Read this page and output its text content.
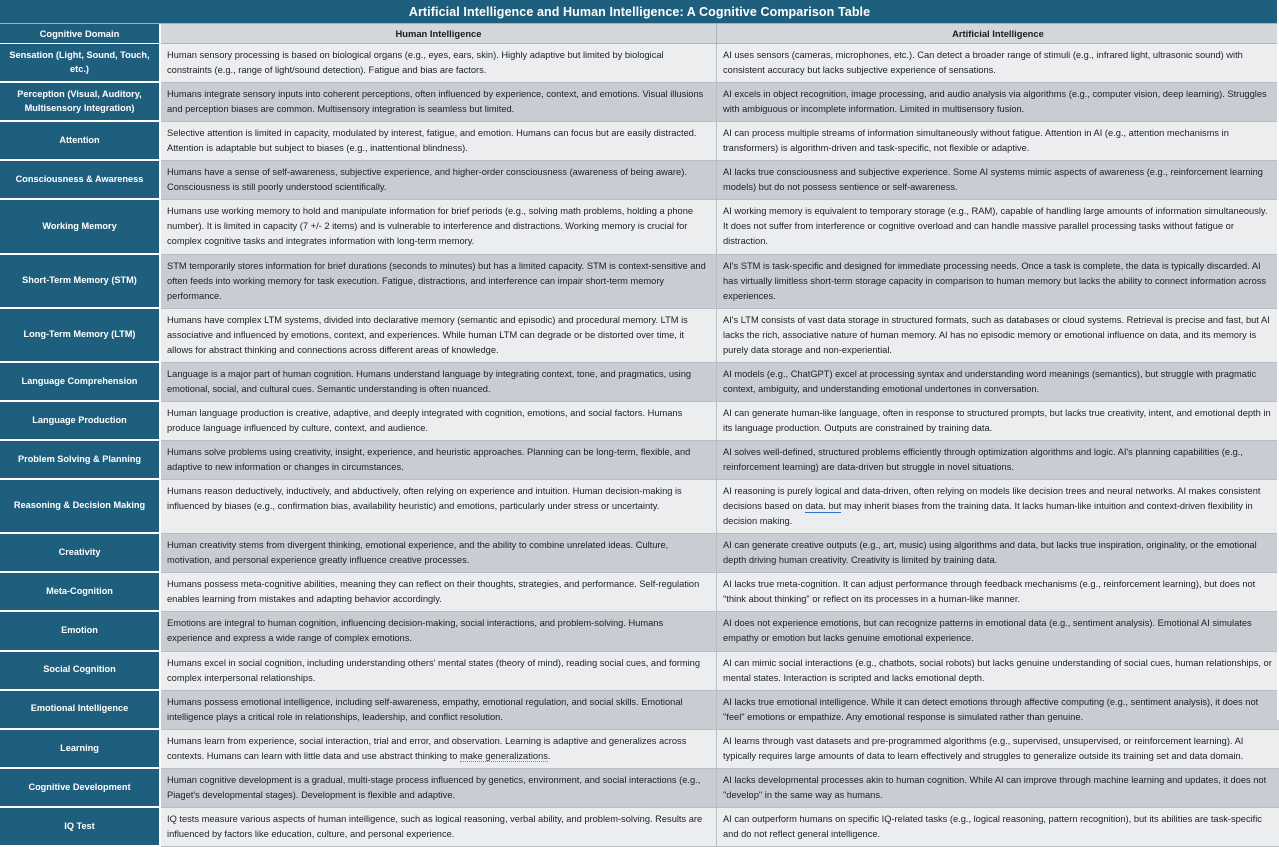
Artificial Intelligence and Human Intelligence: A Cognitive Comparison Table
Cognitive Domain	Human Intelligence	Artificial Intelligence
Sensation (Light, Sound, Touch, etc.)	Human sensory processing is based on biological organs (e.g., eyes, ears, skin). Highly adaptive but limited by biological constraints (e.g., range of light/sound detection). Fatigue and bias are factors.	AI uses sensors (cameras, microphones, etc.). Can detect a broader range of stimuli (e.g., infrared light, ultrasonic sound) with consistent accuracy but lacks subjective experience of sensations.
Perception (Visual, Auditory, Multisensory Integration)	Humans integrate sensory inputs into coherent perceptions, often influenced by experience, context, and emotions. Visual illusions and perception biases are common. Multisensory integration is seamless but limited.	AI excels in object recognition, image processing, and audio analysis via algorithms (e.g., computer vision, deep learning). Struggles with ambiguous or incomplete information. Limited in multisensory fusion.
Attention	Selective attention is limited in capacity, modulated by interest, fatigue, and emotion. Humans can focus but are easily distracted. Attention is adaptable but subject to biases (e.g., inattentional blindness).	AI can process multiple streams of information simultaneously without fatigue. Attention in AI (e.g., attention mechanisms in transformers) is algorithm-driven and task-specific, not flexible or adaptive.
Consciousness & Awareness	Humans have a sense of self-awareness, subjective experience, and higher-order consciousness (awareness of being aware). Consciousness is still poorly understood scientifically.	AI lacks true consciousness and subjective experience. Some AI systems mimic aspects of awareness (e.g., reinforcement learning models) but do not possess sentience or self-awareness.
Working Memory	Humans use working memory to hold and manipulate information for brief periods (e.g., solving math problems, holding a phone number). It is limited in capacity (7 +/- 2 items) and is vulnerable to interference and distractions. Working memory is crucial for complex cognitive tasks and integrates information with long-term memory.	AI working memory is equivalent to temporary storage (e.g., RAM), capable of handling large amounts of information simultaneously. It does not suffer from interference or cognitive overload and can handle massive parallel processing tasks without fatigue or distraction.
Short-Term Memory (STM)	STM temporarily stores information for brief durations (seconds to minutes) but has a limited capacity. STM is context-sensitive and often feeds into working memory for task execution. Fatigue, distractions, and interference can impair short-term memory performance.	AI's STM is task-specific and designed for immediate processing needs. Once a task is complete, the data is typically discarded. AI has virtually limitless short-term storage capacity in comparison to human memory but lacks the ability to connect information across experiences.
Long-Term Memory (LTM)	Humans have complex LTM systems, divided into declarative memory (semantic and episodic) and procedural memory. LTM is associative and influenced by emotions, context, and experiences. While human LTM can degrade or be distorted over time, it allows for abstract thinking and connections across different areas of knowledge.	AI's LTM consists of vast data storage in structured formats, such as databases or cloud systems. Retrieval is precise and fast, but AI lacks the rich, associative nature of human memory. AI has no episodic memory or emotional influence on data, and its memory is purely data storage and non-experiential.
Language Comprehension	Language is a major part of human cognition. Humans understand language by integrating context, tone, and pragmatics, using emotional, social, and cultural cues. Semantic understanding is often nuanced.	AI models (e.g., ChatGPT) excel at processing syntax and understanding word meanings (semantics), but struggle with pragmatic context, ambiguity, and understanding emotional undertones in conversation.
Language Production	Human language production is creative, adaptive, and deeply integrated with cognition, emotions, and social factors. Humans produce language influenced by culture, context, and audience.	AI can generate human-like language, often in response to structured prompts, but lacks true creativity, intent, and emotional depth in its language production. Outputs are constrained by training data.
Problem Solving & Planning	Humans solve problems using creativity, insight, experience, and heuristic approaches. Planning can be long-term, flexible, and adaptive to new information or changes in circumstances.	AI solves well-defined, structured problems efficiently through optimization algorithms and logic. AI's planning capabilities (e.g., reinforcement learning) are data-driven but struggle in novel situations.
Reasoning & Decision Making	Humans reason deductively, inductively, and abductively, often relying on experience and intuition. Human decision-making is influenced by biases (e.g., confirmation bias, availability heuristic) and emotions, particularly under stress or uncertainty.	AI reasoning is purely logical and data-driven, often relying on models like decision trees and neural networks. AI makes consistent decisions based on data. but may inherit biases from the training data. It lacks human-like intuition and context-driven flexibility in decision making.
Creativity	Human creativity stems from divergent thinking, emotional experience, and the ability to combine unrelated ideas. Culture, motivation, and personal experience greatly influence creative processes.	AI can generate creative outputs (e.g., art, music) using algorithms and data, but lacks true inspiration, originality, or the emotional depth driving human creativity. Creativity is limited by training data.
Meta-Cognition	Humans possess meta-cognitive abilities, meaning they can reflect on their thoughts, strategies, and performance. Self-regulation enables learning from mistakes and adapting behavior accordingly.	AI lacks true meta-cognition. It can adjust performance through feedback mechanisms (e.g., reinforcement learning), but does not "think about thinking" or reflect on its processes in a human-like manner.
Emotion	Emotions are integral to human cognition, influencing decision-making, social interactions, and problem-solving. Humans experience and express a wide range of complex emotions.	AI does not experience emotions, but can recognize patterns in emotional data (e.g., sentiment analysis). Emotional AI simulates empathy or emotion but lacks genuine emotional experience.
Social Cognition	Humans excel in social cognition, including understanding others' mental states (theory of mind), reading social cues, and forming complex interpersonal relationships.	AI can mimic social interactions (e.g., chatbots, social robots) but lacks genuine understanding of social cues, human relationships, or mental states. Interaction is scripted and lacks emotional depth.
Emotional Intelligence	Humans possess emotional intelligence, including self-awareness, empathy, emotional regulation, and social skills. Emotional intelligence plays a critical role in relationships, leadership, and conflict resolution.	AI lacks true emotional intelligence. While it can detect emotions through affective computing (e.g., sentiment analysis), it does not "feel" emotions or empathize. Any emotional response is simulated rather than genuine.
Learning	Humans learn from experience, social interaction, trial and error, and observation. Learning is adaptive and generalizes across contexts. Humans can learn with little data and use abstract thinking to make generalizations.	AI learns through vast datasets and pre-programmed algorithms (e.g., supervised, unsupervised, or reinforcement learning). AI typically requires large amounts of data to learn effectively and struggles to generalize outside its training set and data domain.
Cognitive Development	Human cognitive development is a gradual, multi-stage process influenced by genetics, environment, and social interactions (e.g., Piaget's developmental stages). Development is flexible and adaptive.	AI lacks developmental processes akin to human cognition. While AI can improve through machine learning and updates, it does not "develop" in the same way as humans.
IQ Test	IQ tests measure various aspects of human intelligence, such as logical reasoning, verbal ability, and problem-solving. Results are influenced by factors like education, culture, and personal experience.	AI can outperform humans on specific IQ-related tasks (e.g., logical reasoning, pattern recognition), but its abilities are task-specific and do not reflect general intelligence.
